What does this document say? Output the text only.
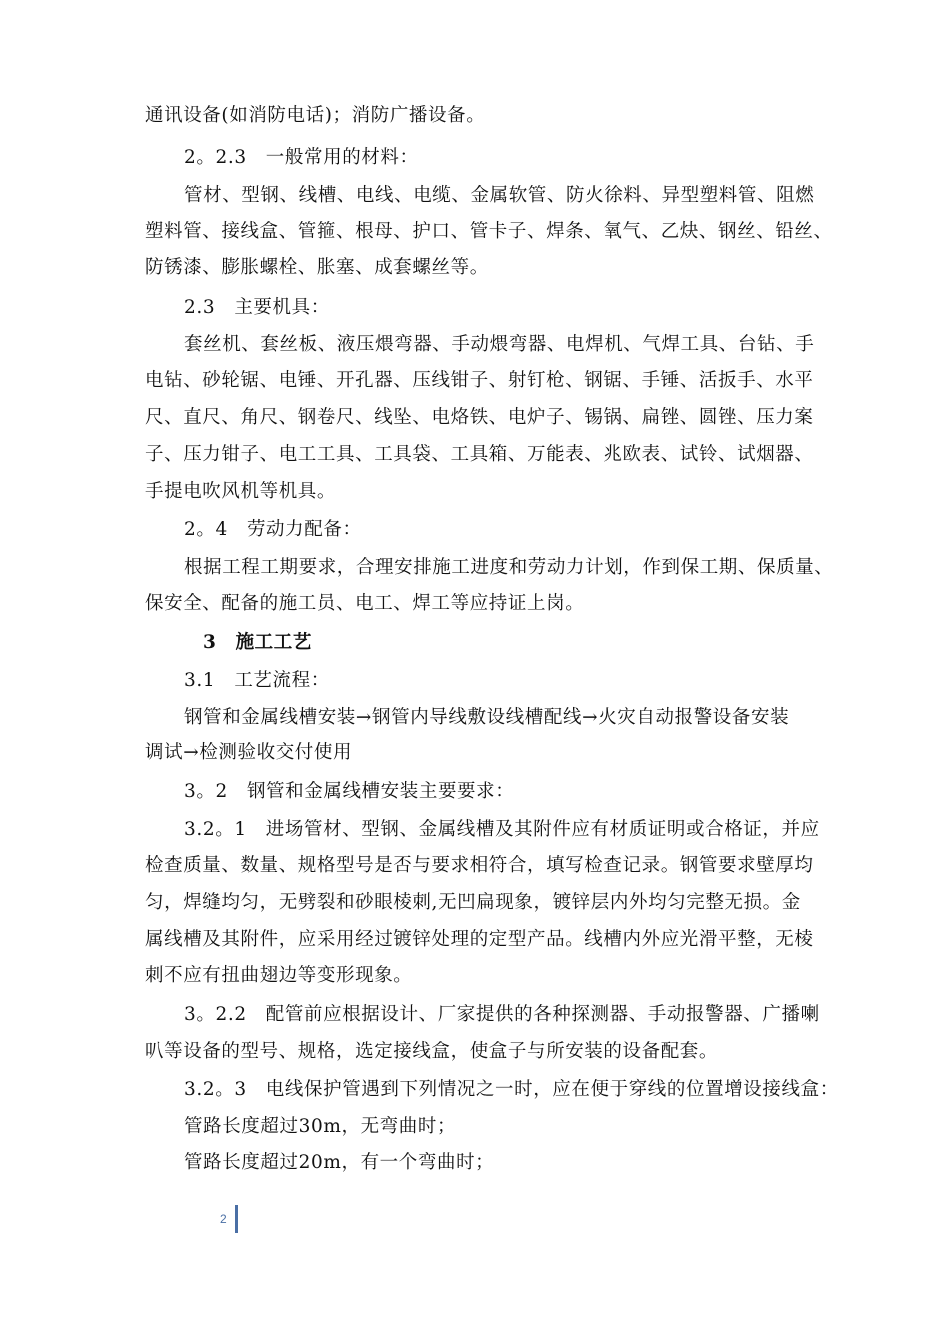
通讯设备(如消防电话)；消防广播设备。
2。2.3　一般常用的材料：
管材、型钢、线槽、电线、电缆、金属软管、防火徐料、异型塑料管、阻燃
塑料管、接线盒、管箍、根母、护口、管卡子、焊条、氧气、乙炔、钢丝、铅丝、
防锈漆、膨胀螺栓、胀塞、成套螺丝等。
2.3　主要机具：
套丝机、套丝板、液压煨弯器、手动煨弯器、电焊机、气焊工具、台钻、手
电钻、砂轮锯、电锤、开孔器、压线钳子、射钉枪、钢锯、手锤、活扳手、水平
尺、直尺、角尺、钢卷尺、线坠、电烙铁、电炉子、锡锅、扁锉、圆锉、压力案
子、压力钳子、电工工具、工具袋、工具箱、万能表、兆欧表、试铃、试烟器、
手提电吹风机等机具。
2。4　劳动力配备：
根据工程工期要求，合理安排施工进度和劳动力计划，作到保工期、保质量、
保安全、配备的施工员、电工、焊工等应持证上岗。
3　施工工艺
3.1　工艺流程：
钢管和金属线槽安装→钢管内导线敷设线槽配线→火灾自动报警设备安装
调试→检测验收交付使用
3。2　钢管和金属线槽安装主要要求：
3.2。1　进场管材、型钢、金属线槽及其附件应有材质证明或合格证，并应
检查质量、数量、规格型号是否与要求相符合，填写检查记录。钢管要求壁厚均
匀，焊缝均匀，无劈裂和砂眼棱刺,无凹扁现象，镀锌层内外均匀完整无损。金
属线槽及其附件，应采用经过镀锌处理的定型产品。线槽内外应光滑平整，无棱
刺不应有扭曲翅边等变形现象。
3。2.2　配管前应根据设计、厂家提供的各种探测器、手动报警器、广播喇
叭等设备的型号、规格，选定接线盒，使盒子与所安装的设备配套。
3.2。3　电线保护管遇到下列情况之一时，应在便于穿线的位置增设接线盒：
管路长度超过30m，无弯曲时；
管路长度超过20m，有一个弯曲时；
2
